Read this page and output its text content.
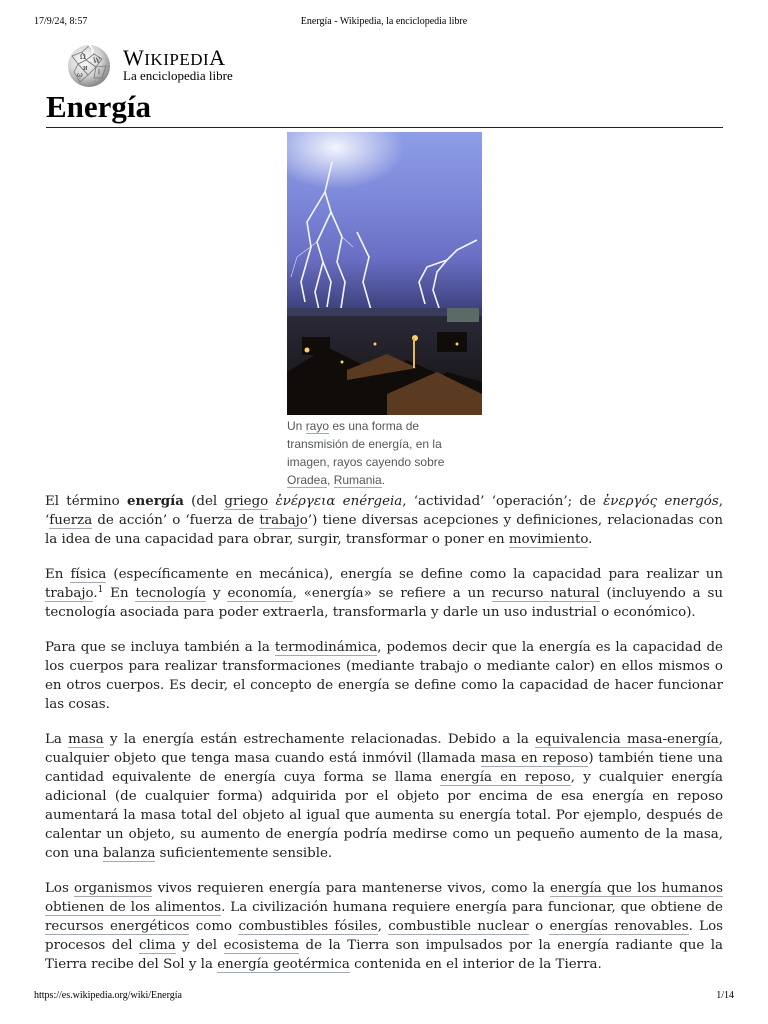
17/9/24, 8:57	Energía - Wikipedia, la enciclopedia libre
Ω W
и ا
ῳ
WIKIPEDIA
La enciclopedia libre
Energía
Un rayo es una forma de transmisión de energía, en la imagen, rayos cayendo sobre Oradea, Rumania.

El término energía (del griego ἐνέργεια enérgeia, ‘actividad’ ‘operación’; de ἐνεργός energós, ‘fuerza de acción’ o ‘fuerza de trabajo’) tiene diversas acepciones y definiciones, relacionadas con la idea de una capacidad para obrar, surgir, transformar o poner en movimiento.

En física (específicamente en mecánica), energía se define como la capacidad para realizar un trabajo.$^1$ En tecnología y economía, «energía» se refiere a un recurso natural (incluyendo a su tecnología asociada para poder extraerla, transformarla y darle un uso industrial o económico).

Para que se incluya también a la termodinámica, podemos decir que la energía es la capacidad de los cuerpos para realizar transformaciones (mediante trabajo o mediante calor) en ellos mismos o en otros cuerpos. Es decir, el concepto de energía se define como la capacidad de hacer funcionar las cosas.

La masa y la energía están estrechamente relacionadas. Debido a la equivalencia masa-energía, cualquier objeto que tenga masa cuando está inmóvil (llamada masa en reposo) también tiene una cantidad equivalente de energía cuya forma se llama energía en reposo, y cualquier energía adicional (de cualquier forma) adquirida por el objeto por encima de esa energía en reposo aumentará la masa total del objeto al igual que aumenta su energía total. Por ejemplo, después de calentar un objeto, su aumento de energía podría medirse como un pequeño aumento de la masa, con una balanza suficientemente sensible.

Los organismos vivos requieren energía para mantenerse vivos, como la energía que los humanos obtienen de los alimentos. La civilización humana requiere energía para funcionar, que obtiene de recursos energéticos como combustibles fósiles, combustible nuclear o energías renovables. Los procesos del clima y del ecosistema de la Tierra son impulsados por la energía radiante que la Tierra recibe del Sol y la energía geotérmica contenida en el interior de la Tierra.

https://es.wikipedia.org/wiki/Energía	1/14
